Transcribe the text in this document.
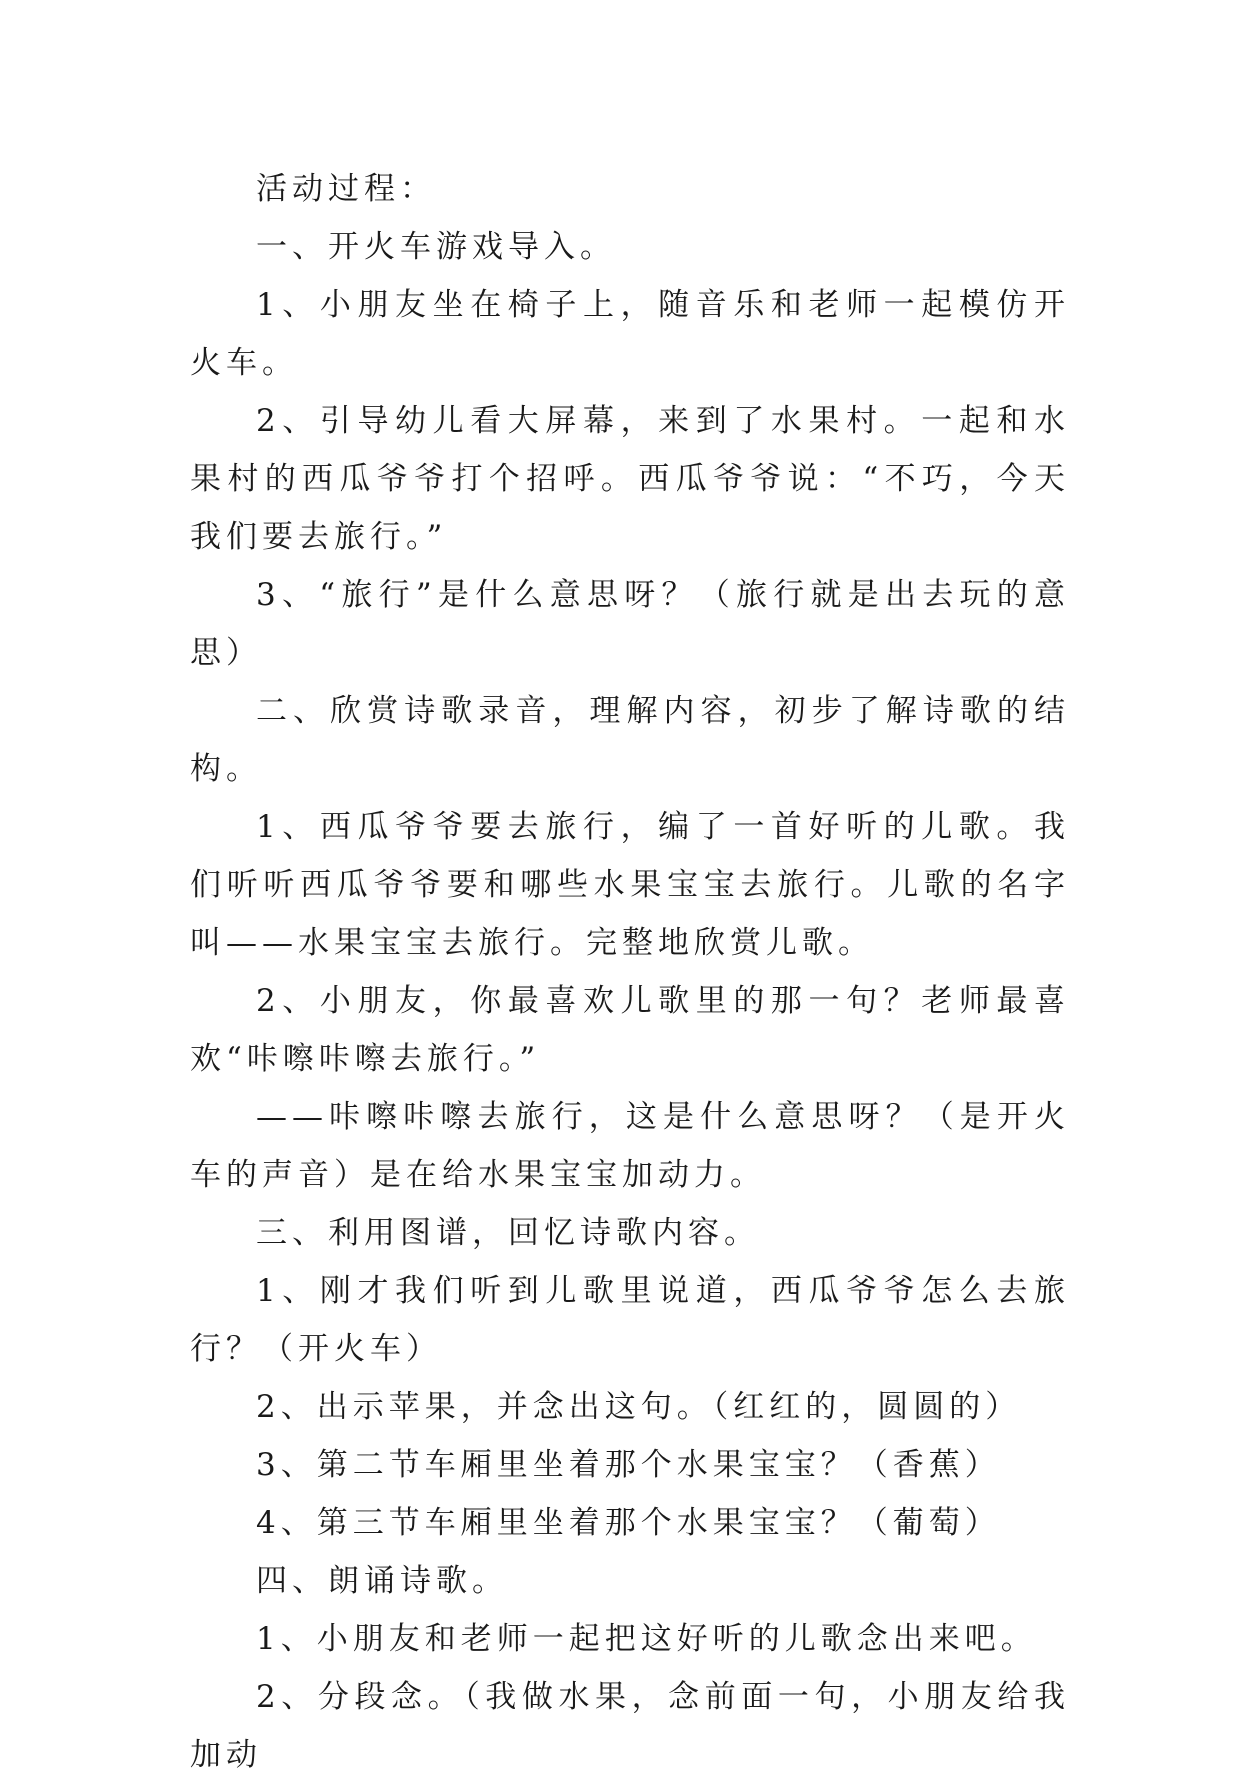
活动过程：

一、开火车游戏导入。

1、小朋友坐在椅子上，随音乐和老师一起模仿开火车。

2、引导幼儿看大屏幕，来到了水果村。一起和水果村的西瓜爷爷打个招呼。西瓜爷爷说：“不巧，今天我们要去旅行。”

3、“旅行”是什么意思呀？（旅行就是出去玩的意思）

二、欣赏诗歌录音，理解内容，初步了解诗歌的结构。

1、西瓜爷爷要去旅行，编了一首好听的儿歌。我们听听西瓜爷爷要和哪些水果宝宝去旅行。儿歌的名字叫——水果宝宝去旅行。完整地欣赏儿歌。

2、小朋友，你最喜欢儿歌里的那一句？老师最喜欢“咔嚓咔嚓去旅行。”

——咔嚓咔嚓去旅行，这是什么意思呀？（是开火车的声音）是在给水果宝宝加动力。

三、利用图谱，回忆诗歌内容。

1、刚才我们听到儿歌里说道，西瓜爷爷怎么去旅行？（开火车）

2、出示苹果，并念出这句。（红红的，圆圆的）

3、第二节车厢里坐着那个水果宝宝？（香蕉）

4、第三节车厢里坐着那个水果宝宝？（葡萄）

四、朗诵诗歌。

1、小朋友和老师一起把这好听的儿歌念出来吧。

2、分段念。（我做水果，念前面一句，小朋友给我加动
